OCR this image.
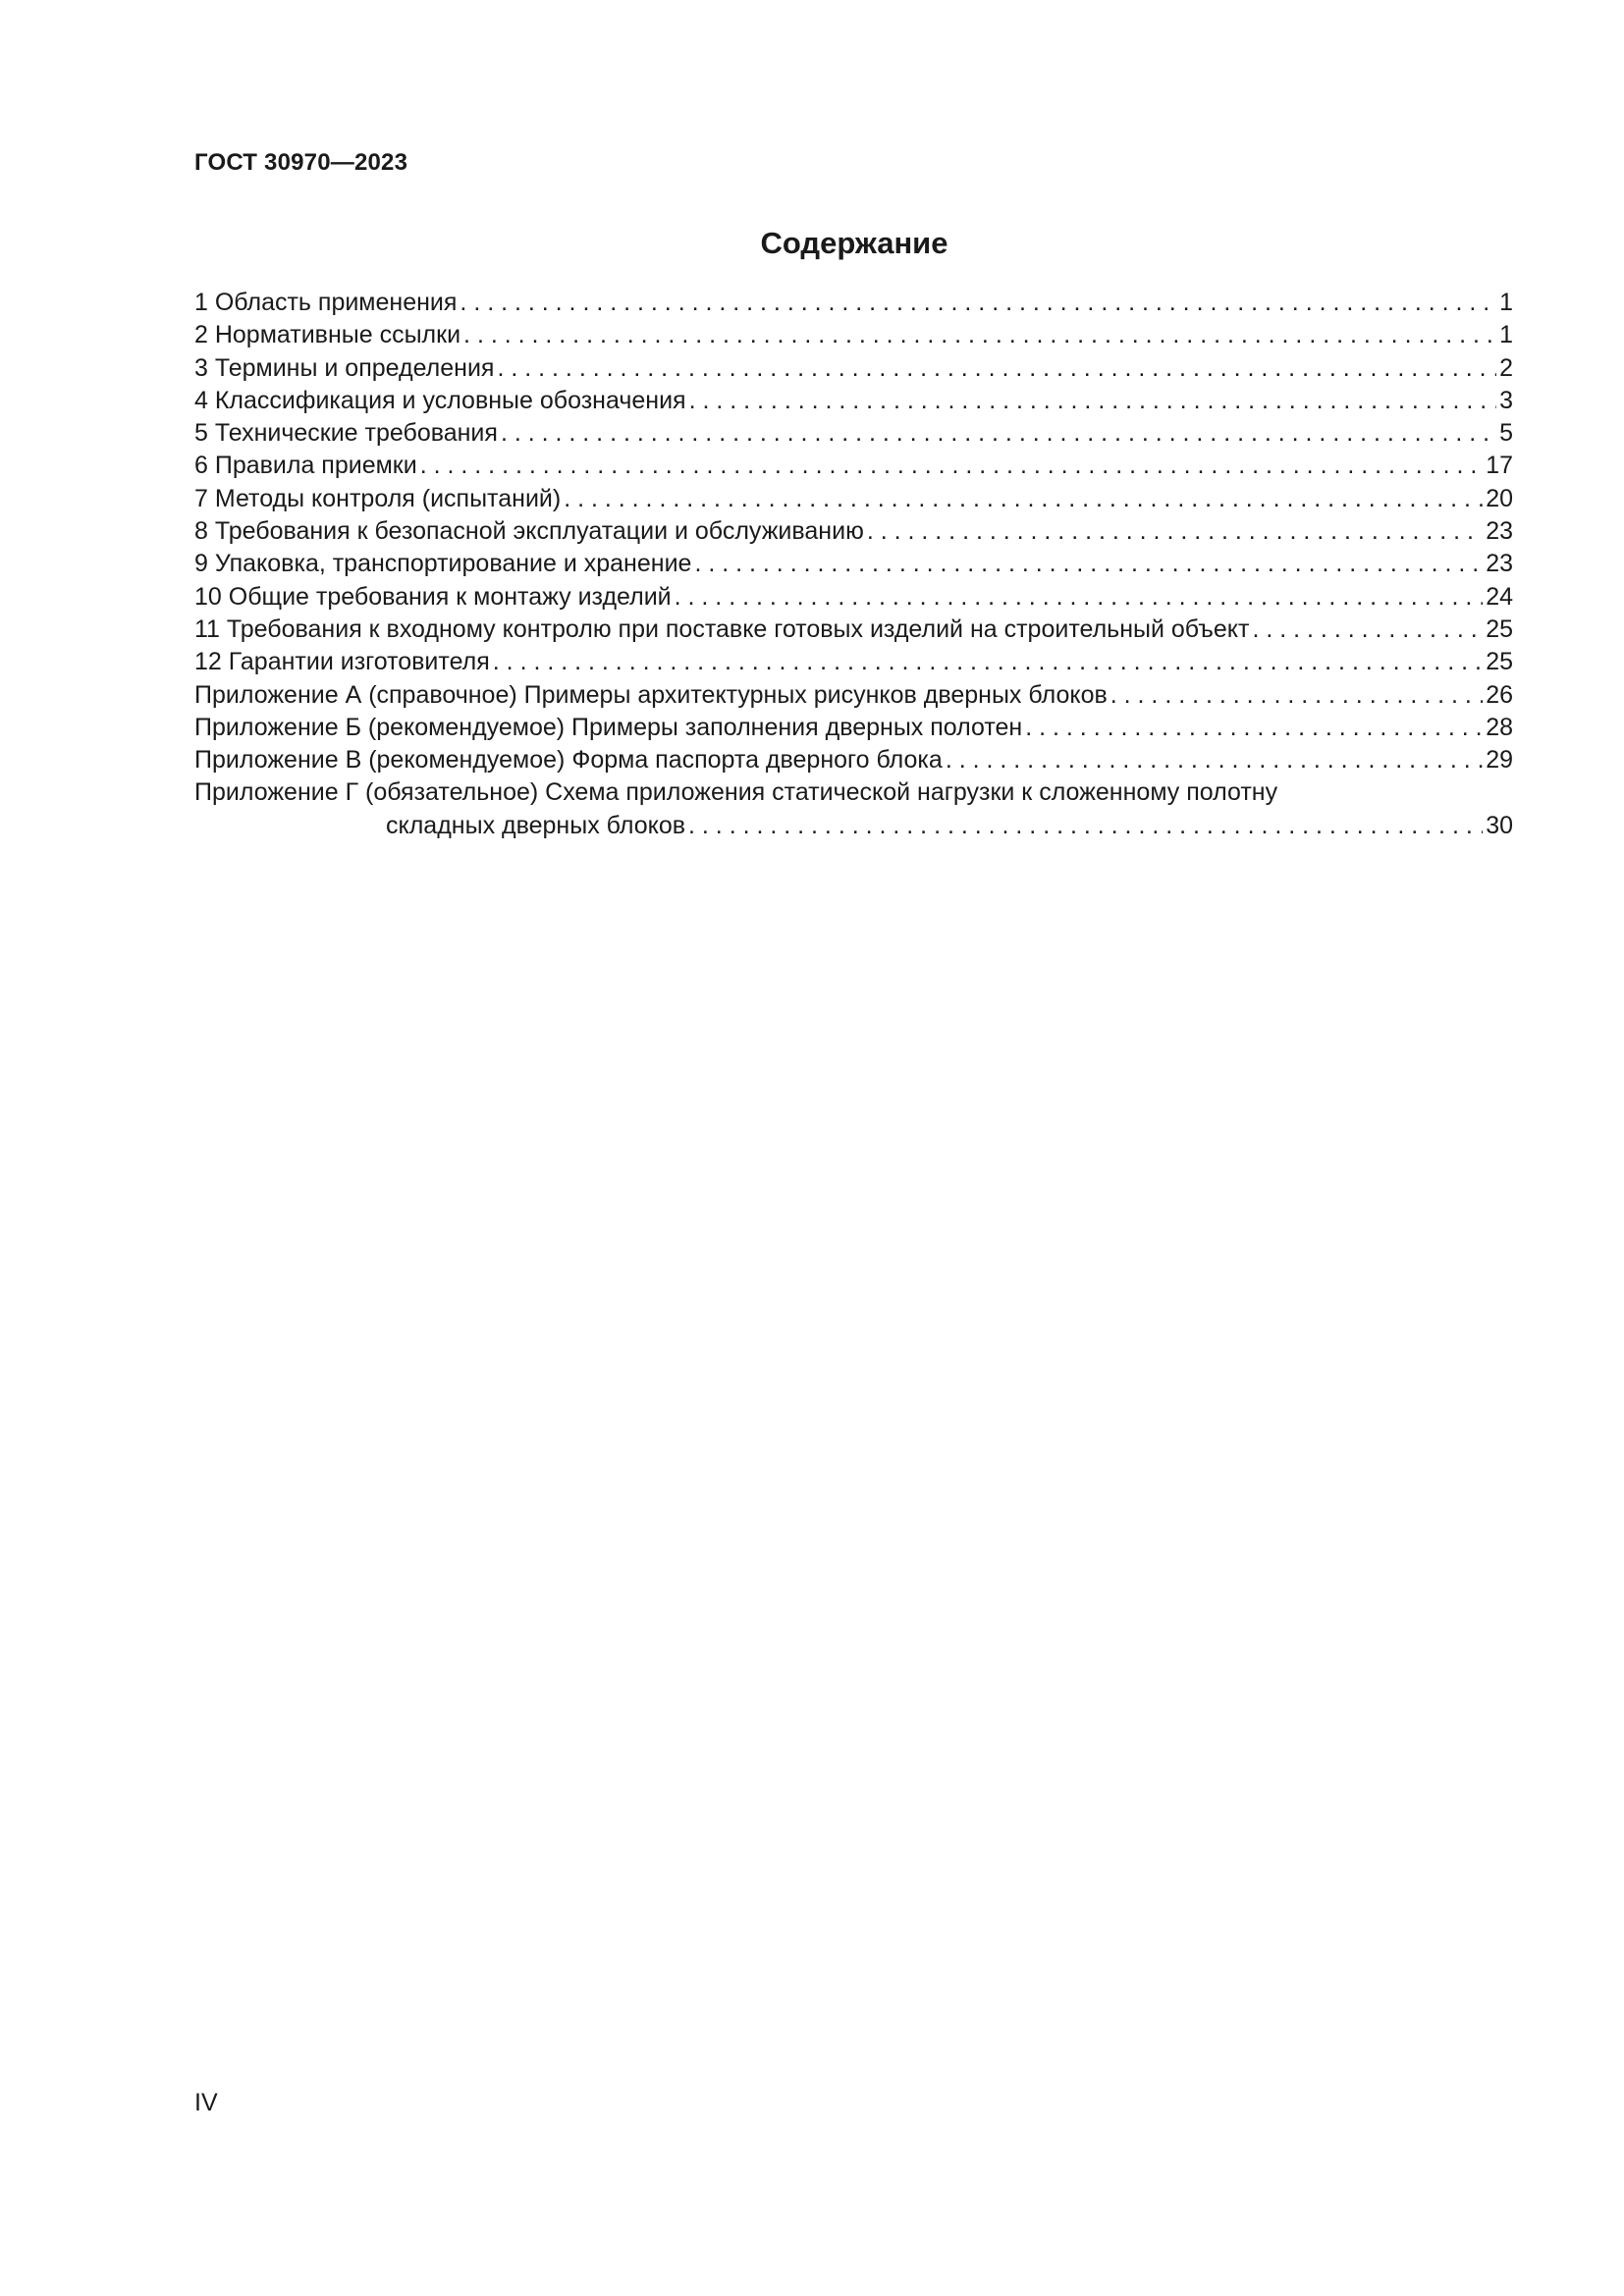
ГОСТ 30970—2023
Содержание
1 Область применения . . .	1
2 Нормативные ссылки . . .	1
3 Термины и определения . . .	2
4 Классификация и условные обозначения . . .	3
5 Технические требования . . .	5
6 Правила приемки . . .	17
7 Методы контроля (испытаний) . . .	20
8 Требования к безопасной эксплуатации и обслуживанию . . .	23
9 Упаковка, транспортирование и хранение . . .	23
10 Общие требования к монтажу изделий . . .	24
11 Требования к входному контролю при поставке готовых изделий на строительный объект . . .	25
12 Гарантии изготовителя . . .	25
Приложение А (справочное) Примеры архитектурных рисунков дверных блоков . . .	26
Приложение Б (рекомендуемое) Примеры заполнения дверных полотен . . .	28
Приложение В (рекомендуемое) Форма паспорта дверного блока . . .	29
Приложение Г (обязательное) Схема приложения статической нагрузки к сложенному полотну
складных дверных блоков . . .	30
IV
